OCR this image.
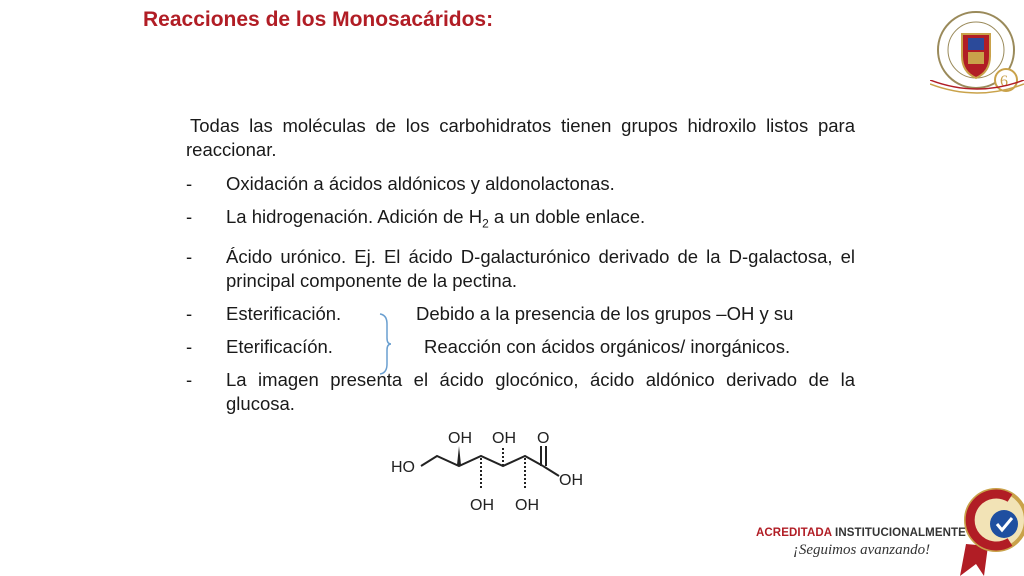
Reacciones de los Monosacáridos:

Todas las moléculas de los carbohidratos tienen grupos hidroxilo listos para reaccionar.

- Oxidación a ácidos aldónicos y aldonolactonas.
- La hidrogenación. Adición de $H_2$ a un doble enlace.
- Ácido urónico. Ej. El ácido D-galacturónico derivado de la D-galactosa, el principal componente de la pectina.
- Esterificación.	Debido a la presencia de los grupos –OH y su
- Eterificacíón.	Reacción con ácidos orgánicos/ inorgánicos.
- La imagen presenta el ácido glocónico, ácido aldónico derivado de la glucosa.
HO
OH OH O
OH
OH OH
6
ACREDITADA INSTITUCIONALMENTE
¡Seguimos avanzando!
